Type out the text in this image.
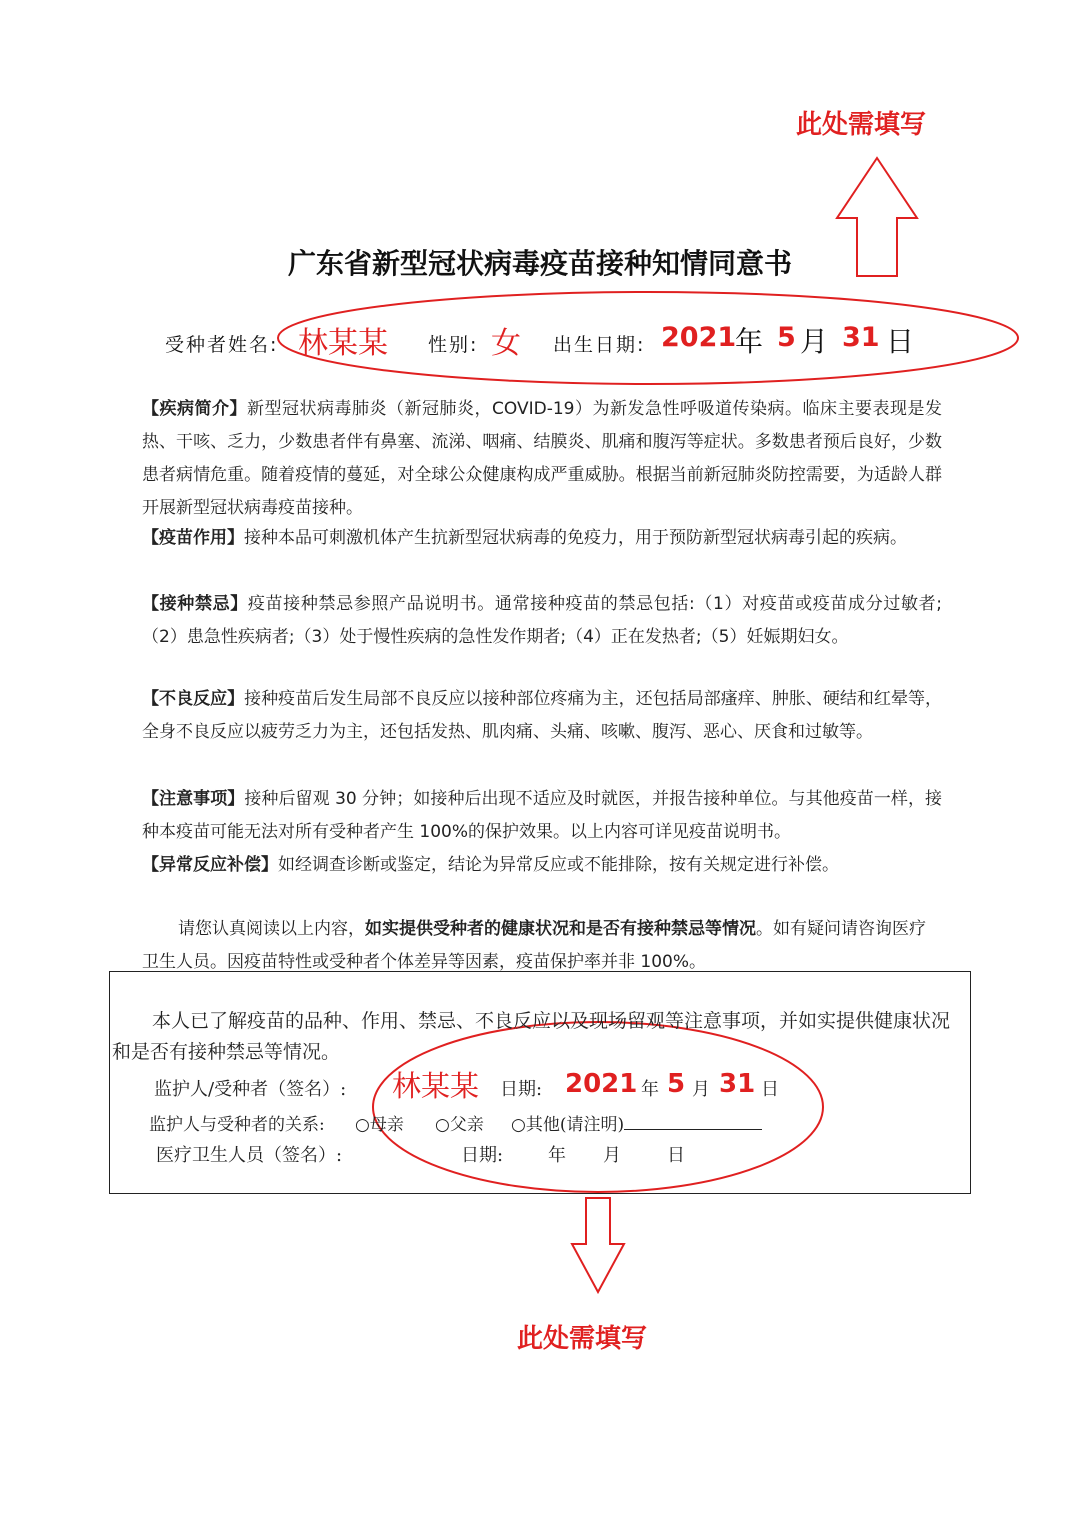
此处需填写
此处需填写
广东省新型冠状病毒疫苗接种知情同意书
受种者姓名: 林某某 性别: 女 出生日期: 2021
年 5 月 31 日
【疾病简介】新型冠状病毒肺炎（新冠肺炎，COVID-19）为新发急性呼吸道传染病。临床主要表现是发热、干咳、乏力，少数患者伴有鼻塞、流涕、咽痛、结膜炎、肌痛和腹泻等症状。多数患者预后良好，少数患者病情危重。随着疫情的蔓延，对全球公众健康构成严重威胁。根据当前新冠肺炎防控需要，为适龄人群开展新型冠状病毒疫苗接种。
【疫苗作用】接种本品可刺激机体产生抗新型冠状病毒的免疫力，用于预防新型冠状病毒引起的疾病。
【接种禁忌】疫苗接种禁忌参照产品说明书。通常接种疫苗的禁忌包括:（1）对疫苗或疫苗成分过敏者;（2）患急性疾病者;（3）处于慢性疾病的急性发作期者;（4）正在发热者;（5）妊娠期妇女。
【不良反应】接种疫苗后发生局部不良反应以接种部位疼痛为主，还包括局部瘙痒、肿胀、硬结和红晕等，全身不良反应以疲劳乏力为主，还包括发热、肌肉痛、头痛、咳嗽、腹泻、恶心、厌食和过敏等。
【注意事项】接种后留观 30 分钟；如接种后出现不适应及时就医，并报告接种单位。与其他疫苗一样，接种本疫苗可能无法对所有受种者产生 100%的保护效果。以上内容可详见疫苗说明书。
【异常反应补偿】如经调查诊断或鉴定，结论为异常反应或不能排除，按有关规定进行补偿。
请您认真阅读以上内容，如实提供受种者的健康状况和是否有接种禁忌等情况。如有疑问请咨询医疗卫生人员。因疫苗特性或受种者个体差异等因素，疫苗保护率并非 100%。
本人已了解疫苗的品种、作用、禁忌、不良反应以及现场留观等注意事项，并如实提供健康状况和是否有接种禁忌等情况。
监护人/受种者（签名）: 林某某 日期: 2021 年 5 月 31 日
监护人与受种者的关系: ○母亲 ○父亲 ○其他(请注明)
医疗卫生人员（签名）:	日期: 年 月	日
